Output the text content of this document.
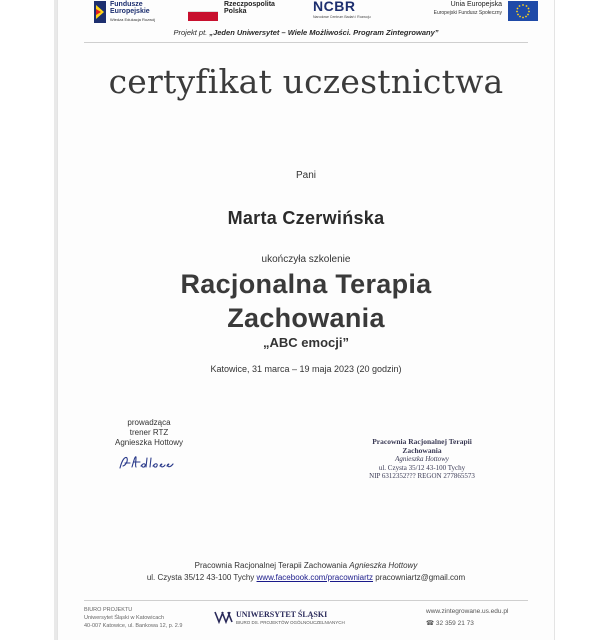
Fundusze
Europejskie
Wiedza Edukacja Rozwój
Rzeczpospolita
Polska	NCBR
Narodowe Centrum Badań i Rozwoju
Unia Europejska
Europejski Fundusz Społeczny
Projekt pt. „Jeden Uniwersytet – Wiele Możliwości. Program Zintegrowany”
certyfikat uczestnictwa
Pani
Marta Czerwińska
ukończyła szkolenie
Racjonalna Terapia
Zachowania
„ABC emocji”
Katowice, 31 marca – 19 maja 2023 (20 godzin)
prowadząca
trener RTZ
Agnieszka Hottowy	Pracownia Racjonalnej Terapii
Zachowania
Agnieszka Hottowy
ul. Czysta 35/12 43-100 Tychy
NIP 6312352??? REGON 277865573
Pracownia Racjonalnej Terapii Zachowania Agnieszka Hottowy
ul. Czysta 35/12 43-100 Tychy www.facebook.com/pracowniartz pracowniartz@gmail.com
BIURO PROJEKTU
Uniwersytet Śląski w Katowicach
40-007 Katowice, ul. Bankowa 12, p. 2.9
UNIWERSYTET ŚLĄSKI
BIURO DS. PROJEKTÓW OGÓLNOUCZELNIANYCH
www.zintegrowane.us.edu.pl
☎ 32 359 21 73
